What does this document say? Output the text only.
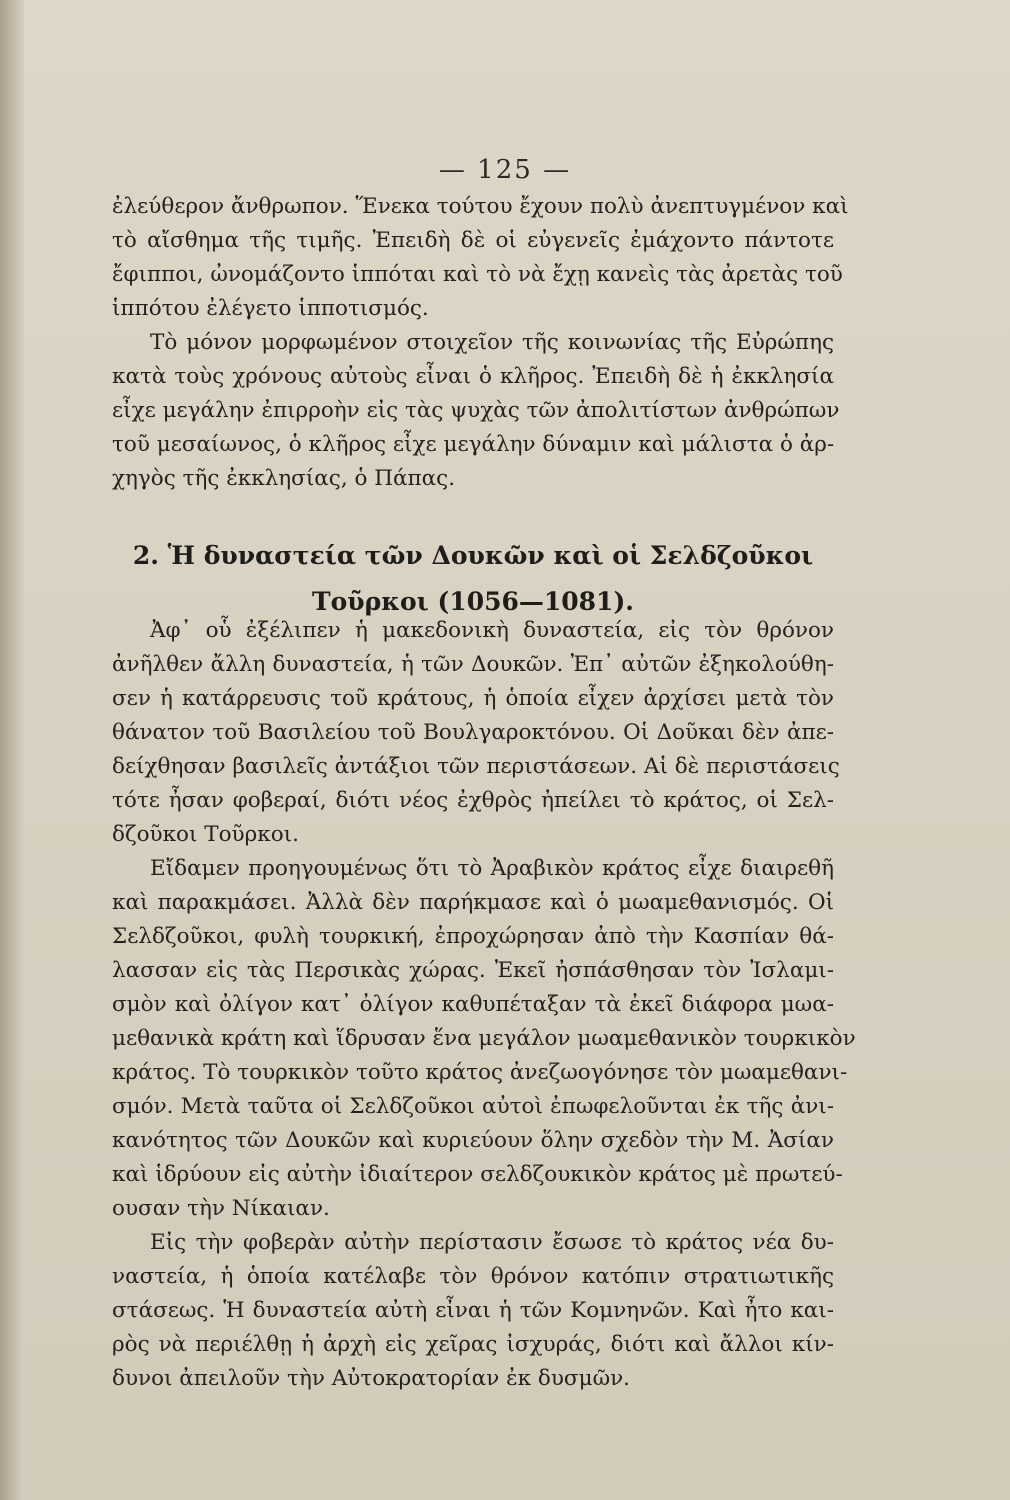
— 125 —
ἐλεύθερον ἄνθρωπον. Ἕνεκα τούτου ἔχουν πολὺ ἀνεπτυγμένον καὶ
τὸ αἴσθημα τῆς τιμῆς. Ἐπειδὴ δὲ οἱ εὐγενεῖς ἐμάχοντο πάντοτε
ἔφιπποι, ὠνομάζοντο ἱππόται καὶ τὸ νὰ ἔχῃ κανεὶς τὰς ἀρετὰς τοῦ
ἱππότου ἐλέγετο ἱπποτισμός.
Τὸ μόνον μορφωμένον στοιχεῖον τῆς κοινωνίας τῆς Εὐρώπης
κατὰ τοὺς χρόνους αὐτοὺς εἶναι ὁ κλῆρος. Ἐπειδὴ δὲ ἡ ἐκκλησία
εἶχε μεγάλην ἐπιρροὴν εἰς τὰς ψυχὰς τῶν ἀπολιτίστων ἀνθρώπων
τοῦ μεσαίωνος, ὁ κλῆρος εἶχε μεγάλην δύναμιν καὶ μάλιστα ὁ ἀρ-
χηγὸς τῆς ἐκκλησίας, ὁ Πάπας.
2. Ἡ δυναστεία τῶν Δουκῶν καὶ οἱ Σελδζοῦκοι
Τοῦρκοι (1056—1081).
Ἀφ᾿ οὗ ἐξέλιπεν ἡ μακεδονικὴ δυναστεία, εἰς τὸν θρόνον
ἀνῆλθεν ἄλλη δυναστεία, ἡ τῶν Δουκῶν. Ἐπ᾿ αὐτῶν ἐξηκολούθη-
σεν ἡ κατάρρευσις τοῦ κράτους, ἡ ὁποία εἶχεν ἀρχίσει μετὰ τὸν
θάνατον τοῦ Βασιλείου τοῦ Βουλγαροκτόνου. Οἱ Δοῦκαι δὲν ἀπε-
δείχθησαν βασιλεῖς ἀντάξιοι τῶν περιστάσεων. Αἱ δὲ περιστάσεις
τότε ἦσαν φοβεραί, διότι νέος ἐχθρὸς ἠπείλει τὸ κράτος, οἱ Σελ-
δζοῦκοι Τοῦρκοι.
Εἴδαμεν προηγουμένως ὅτι τὸ Ἀραβικὸν κράτος εἶχε διαιρεθῆ
καὶ παρακμάσει. Ἀλλὰ δὲν παρήκμασε καὶ ὁ μωαμεθανισμός. Οἱ
Σελδζοῦκοι, φυλὴ τουρκική, ἐπροχώρησαν ἀπὸ τὴν Κασπίαν θά-
λασσαν εἰς τὰς Περσικὰς χώρας. Ἐκεῖ ἠσπάσθησαν τὸν Ἰσλαμι-
σμὸν καὶ ὀλίγον κατ᾿ ὀλίγον καθυπέταξαν τὰ ἐκεῖ διάφορα μωα-
μεθανικὰ κράτη καὶ ἵδρυσαν ἕνα μεγάλον μωαμεθανικὸν τουρκικὸν
κράτος. Τὸ τουρκικὸν τοῦτο κράτος ἀνεζωογόνησε τὸν μωαμεθανι-
σμόν. Μετὰ ταῦτα οἱ Σελδζοῦκοι αὐτοὶ ἐπωφελοῦνται ἐκ τῆς ἀνι-
κανότητος τῶν Δουκῶν καὶ κυριεύουν ὅλην σχεδὸν τὴν Μ. Ἀσίαν
καὶ ἱδρύουν εἰς αὐτὴν ἰδιαίτερον σελδζουκικὸν κράτος μὲ πρωτεύ-
ουσαν τὴν Νίκαιαν.
Εἰς τὴν φοβερὰν αὐτὴν περίστασιν ἔσωσε τὸ κράτος νέα δυ-
ναστεία, ἡ ὁποία κατέλαβε τὸν θρόνον κατόπιν στρατιωτικῆς
στάσεως. Ἡ δυναστεία αὐτὴ εἶναι ἡ τῶν Κομνηνῶν. Καὶ ἦτο και-
ρὸς νὰ περιέλθῃ ἡ ἀρχὴ εἰς χεῖρας ἰσχυράς, διότι καὶ ἄλλοι κίν-
δυνοι ἀπειλοῦν τὴν Αὐτοκρατορίαν ἐκ δυσμῶν.
